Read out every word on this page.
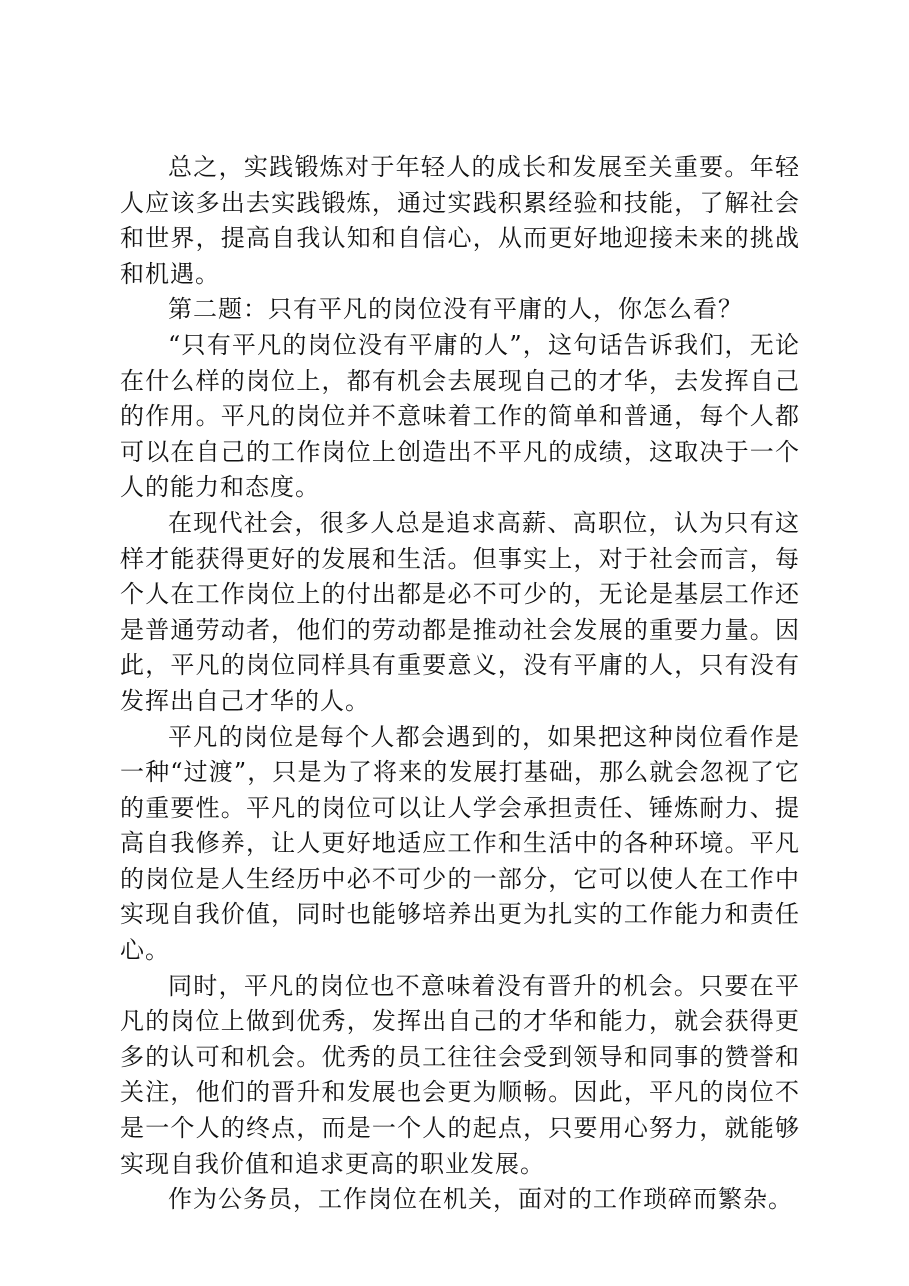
总之，实践锻炼对于年轻人的成长和发展至关重要。年轻人应该多出去实践锻炼，通过实践积累经验和技能，了解社会和世界，提高自我认知和自信心，从而更好地迎接未来的挑战和机遇。

第二题：只有平凡的岗位没有平庸的人，你怎么看？

“只有平凡的岗位没有平庸的人”，这句话告诉我们，无论在什么样的岗位上，都有机会去展现自己的才华，去发挥自己的作用。平凡的岗位并不意味着工作的简单和普通，每个人都可以在自己的工作岗位上创造出不平凡的成绩，这取决于一个人的能力和态度。

在现代社会，很多人总是追求高薪、高职位，认为只有这样才能获得更好的发展和生活。但事实上，对于社会而言，每个人在工作岗位上的付出都是必不可少的，无论是基层工作还是普通劳动者，他们的劳动都是推动社会发展的重要力量。因此，平凡的岗位同样具有重要意义，没有平庸的人，只有没有发挥出自己才华的人。

平凡的岗位是每个人都会遇到的，如果把这种岗位看作是一种“过渡”，只是为了将来的发展打基础，那么就会忽视了它的重要性。平凡的岗位可以让人学会承担责任、锤炼耐力、提高自我修养，让人更好地适应工作和生活中的各种环境。平凡的岗位是人生经历中必不可少的一部分，它可以使人在工作中实现自我价值，同时也能够培养出更为扎实的工作能力和责任心。

同时，平凡的岗位也不意味着没有晋升的机会。只要在平凡的岗位上做到优秀，发挥出自己的才华和能力，就会获得更多的认可和机会。优秀的员工往往会受到领导和同事的赞誉和关注，他们的晋升和发展也会更为顺畅。因此，平凡的岗位不是一个人的终点，而是一个人的起点，只要用心努力，就能够实现自我价值和追求更高的职业发展。

作为公务员，工作岗位在机关，面对的工作琐碎而繁杂。
